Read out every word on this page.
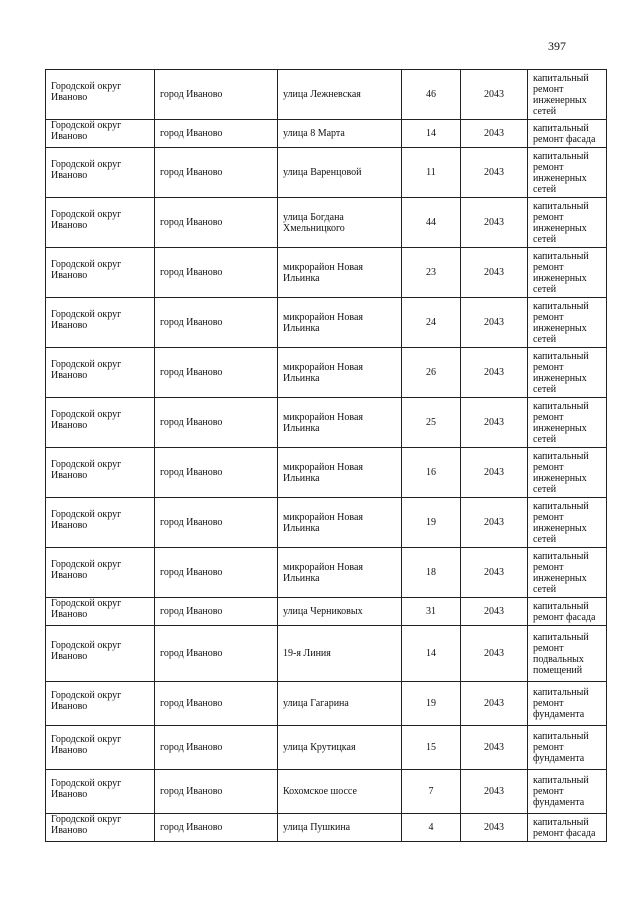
397
Городской округ Иваново	город Иваново	улица Лежневская	46	2043	капитальный ремонт инженерных сетей

Городской округ Иваново	город Иваново	улица 8 Марта	14	2043	капитальный ремонт фасада

Городской округ Иваново	город Иваново	улица Варенцовой	11	2043	капитальный ремонт инженерных сетей

Городской округ Иваново	город Иваново	улица Богдана Хмельницкого	44	2043	капитальный ремонт инженерных сетей

Городской округ Иваново	город Иваново	микрорайон Новая Ильинка	23	2043	капитальный ремонт инженерных сетей

Городской округ Иваново	город Иваново	микрорайон Новая Ильинка	24	2043	капитальный ремонт инженерных сетей

Городской округ Иваново	город Иваново	микрорайон Новая Ильинка	26	2043	капитальный ремонт инженерных сетей

Городской округ Иваново	город Иваново	микрорайон Новая Ильинка	25	2043	капитальный ремонт инженерных сетей

Городской округ Иваново	город Иваново	микрорайон Новая Ильинка	16	2043	капитальный ремонт инженерных сетей

Городской округ Иваново	город Иваново	микрорайон Новая Ильинка	19	2043	капитальный ремонт инженерных сетей

Городской округ Иваново	город Иваново	микрорайон Новая Ильинка	18	2043	капитальный ремонт инженерных сетей

Городской округ Иваново	город Иваново	улица Черниковых	31	2043	капитальный ремонт фасада

Городской округ Иваново	город Иваново	19-я Линия	14	2043	капитальный ремонт подвальных помещений

Городской округ Иваново	город Иваново	улица Гагарина	19	2043	капитальный ремонт фундамента

Городской округ Иваново	город Иваново	улица Крутицкая	15	2043	капитальный ремонт фундамента

Городской округ Иваново	город Иваново	Кохомское шоссе	7	2043	капитальный ремонт фундамента

Городской округ Иваново	город Иваново	улица Пушкина	4	2043	капитальный ремонт фасада
